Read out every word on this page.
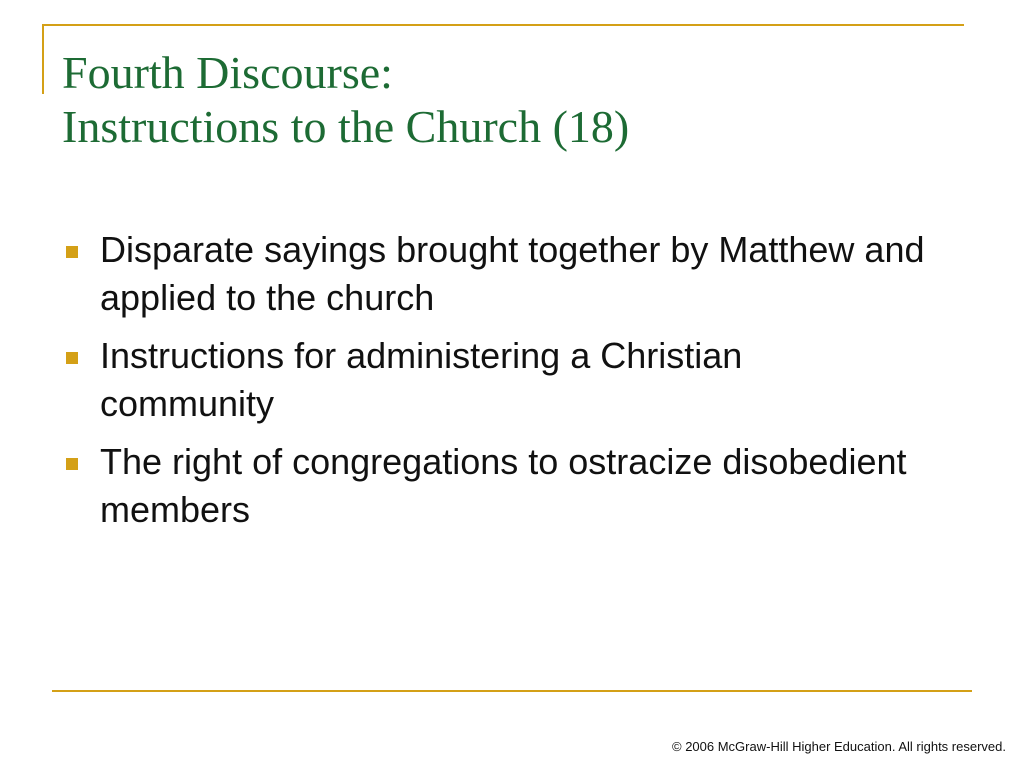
Fourth Discourse:
Instructions to the Church (18)
Disparate sayings brought together by Matthew and applied to the church
Instructions for administering a Christian community
The right of congregations to ostracize disobedient members
© 2006 McGraw-Hill Higher Education. All rights reserved.
